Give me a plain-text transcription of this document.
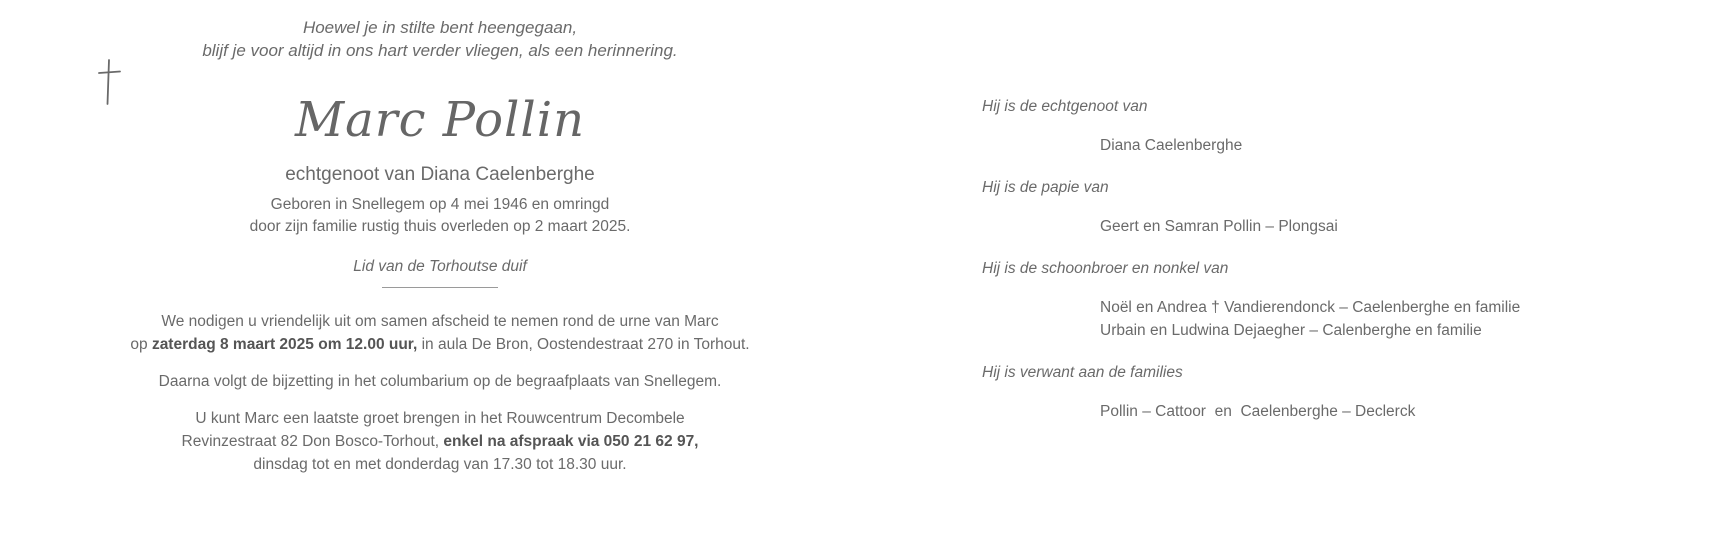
Hoewel je in stilte bent heengegaan,
blijf je voor altijd in ons hart verder vliegen, als een herinnering.
Marc Pollin
echtgenoot van Diana Caelenberghe
Geboren in Snellegem op 4 mei 1946 en omringd
door zijn familie rustig thuis overleden op 2 maart 2025.
Lid van de Torhoutse duif
We nodigen u vriendelijk uit om samen afscheid te nemen rond de urne van Marc
op zaterdag 8 maart 2025 om 12.00 uur, in aula De Bron, Oostendestraat 270 in Torhout.
Daarna volgt de bijzetting in het columbarium op de begraafplaats van Snellegem.
U kunt Marc een laatste groet brengen in het Rouwcentrum Decombele
Revinzestraat 82 Don Bosco-Torhout, enkel na afspraak via 050 21 62 97,
dinsdag tot en met donderdag van 17.30 tot 18.30 uur.
Hij is de echtgenoot van
Diana Caelenberghe
Hij is de papie van
Geert en Samran Pollin – Plongsai
Hij is de schoonbroer en nonkel van
Noël en Andrea † Vandierendonck – Caelenberghe en familie
Urbain en Ludwina Dejaegher – Calenberghe en familie
Hij is verwant aan de families
Pollin – Cattoor  en  Caelenberghe – Declerck
